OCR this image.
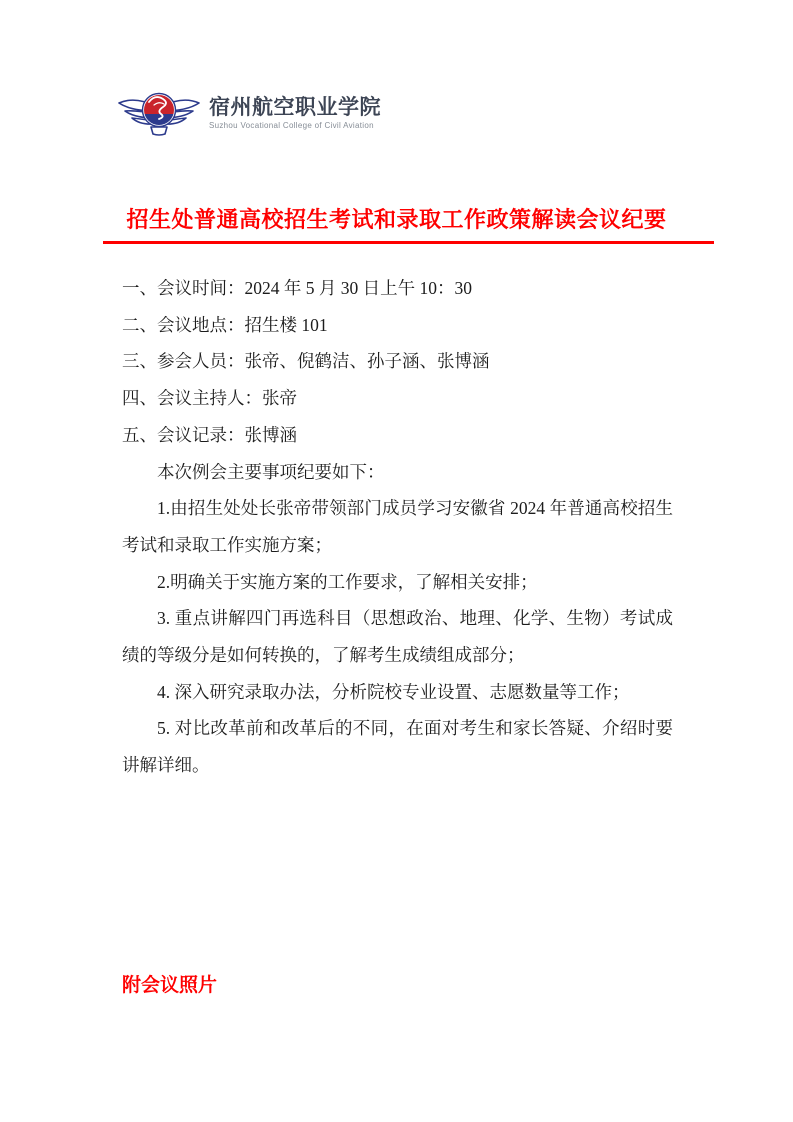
宿州航空职业学院
Suzhou Vocational College of Civil Aviation
招生处普通高校招生考试和录取工作政策解读会议纪要

一、会议时间：2024 年 5 月 30 日上午 10：30

二、会议地点：招生楼 101

三、参会人员：张帝、倪鹤洁、孙子涵、张博涵

四、会议主持人：张帝

五、会议记录：张博涵

本次例会主要事项纪要如下：

1.由招生处处长张帝带领部门成员学习安徽省 2024 年普通高校招生考试和录取工作实施方案；

2.明确关于实施方案的工作要求，了解相关安排；

3. 重点讲解四门再选科目（思想政治、地理、化学、生物）考试成绩的等级分是如何转换的，了解考生成绩组成部分；

4. 深入研究录取办法，分析院校专业设置、志愿数量等工作；

5. 对比改革前和改革后的不同，在面对考生和家长答疑、介绍时要讲解详细。

附会议照片
